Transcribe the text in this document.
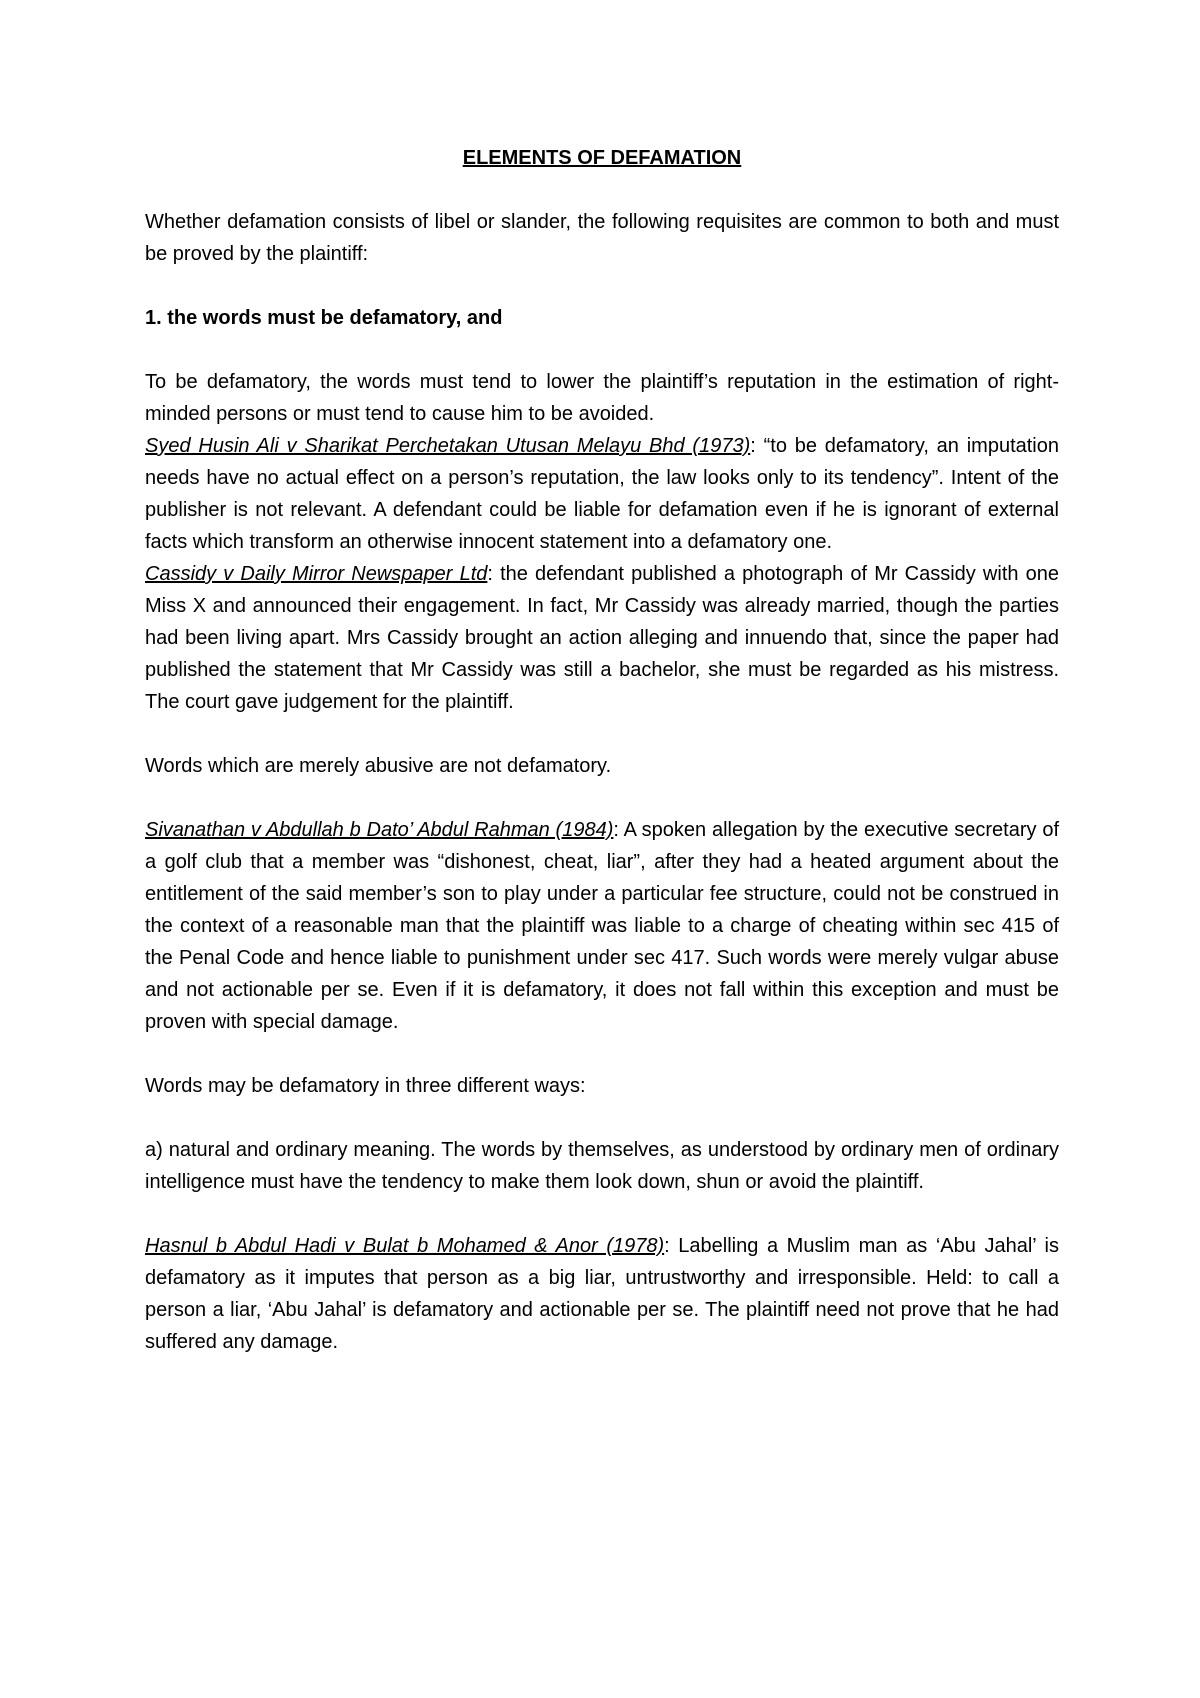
ELEMENTS OF DEFAMATION

Whether defamation consists of libel or slander, the following requisites are common to both and must be proved by the plaintiff:

1. the words must be defamatory, and

To be defamatory, the words must tend to lower the plaintiff’s reputation in the estimation of right-minded persons or must tend to cause him to be avoided.

Syed Husin Ali v Sharikat Perchetakan Utusan Melayu Bhd (1973): “to be defamatory, an imputation needs have no actual effect on a person’s reputation, the law looks only to its tendency”. Intent of the publisher is not relevant. A defendant could be liable for defamation even if he is ignorant of external facts which transform an otherwise innocent statement into a defamatory one.

Cassidy v Daily Mirror Newspaper Ltd: the defendant published a photograph of Mr Cassidy with one Miss X and announced their engagement. In fact, Mr Cassidy was already married, though the parties had been living apart. Mrs Cassidy brought an action alleging and innuendo that, since the paper had published the statement that Mr Cassidy was still a bachelor, she must be regarded as his mistress. The court gave judgement for the plaintiff.

Words which are merely abusive are not defamatory.

Sivanathan v Abdullah b Dato’ Abdul Rahman (1984): A spoken allegation by the executive secretary of a golf club that a member was “dishonest, cheat, liar”, after they had a heated argument about the entitlement of the said member’s son to play under a particular fee structure, could not be construed in the context of a reasonable man that the plaintiff was liable to a charge of cheating within sec 415 of the Penal Code and hence liable to punishment under sec 417. Such words were merely vulgar abuse and not actionable per se. Even if it is defamatory, it does not fall within this exception and must be proven with special damage.

Words may be defamatory in three different ways:

a) natural and ordinary meaning. The words by themselves, as understood by ordinary men of ordinary intelligence must have the tendency to make them look down, shun or avoid the plaintiff.

Hasnul b Abdul Hadi v Bulat b Mohamed & Anor (1978): Labelling a Muslim man as ‘Abu Jahal’ is defamatory as it imputes that person as a big liar, untrustworthy and irresponsible. Held: to call a person a liar, ‘Abu Jahal’ is defamatory and actionable per se. The plaintiff need not prove that he had suffered any damage.
